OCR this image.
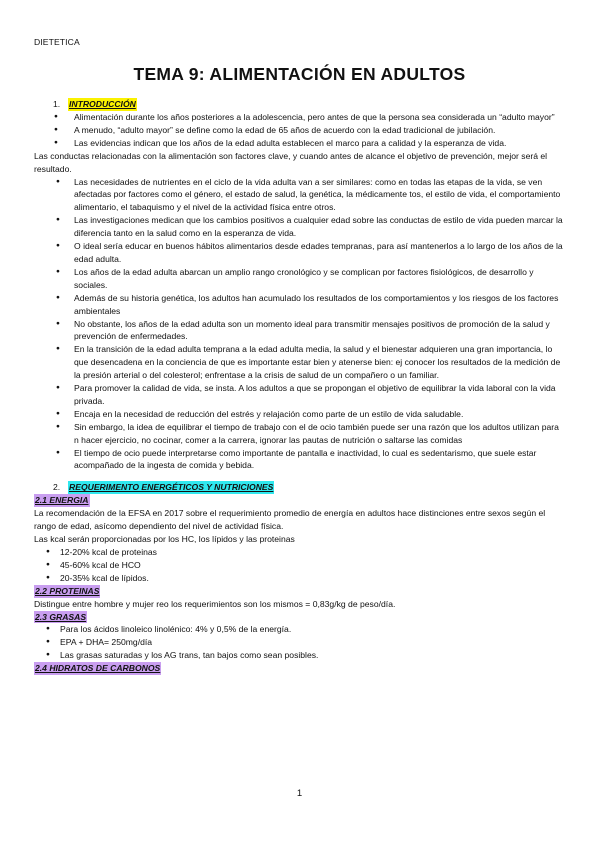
DIETETICA
TEMA 9: ALIMENTACIÓN EN ADULTOS
1. INTRODUCCIÓN
● Alimentación durante los años posteriores a la adolescencia, pero antes de que la persona sea considerada un “adulto mayor”
● A menudo, “adulto mayor” se define como la edad de 65 años de acuerdo con la edad tradicional de jubilación.
● Las evidencias indican que los años de la edad adulta establecen el marco para a calidad y la esperanza de vida.

Las conductas relacionadas con la alimentación son factores clave, y cuando antes de alcance el objetivo de prevención, mejor será el resultado.

● Las necesidades de nutrientes en el ciclo de la vida adulta van a ser similares: como en todas las etapas de la vida, se ven afectadas por factores como el género, el estado de salud, la genética, la médicamente tos, el estilo de vida, el comportamiento alimentario, el tabaquismo y el nivel de la actividad física entre otros.
● Las investigaciones medican que los cambios positivos a cualquier edad sobre las conductas de estilo de vida pueden marcar la diferencia tanto en la salud como en la esperanza de vida.
● O ideal sería educar en buenos hábitos alimentarios desde edades tempranas, para así mantenerlos a lo largo de los años de la edad adulta.
● Los años de la edad adulta abarcan un amplio rango cronológico y se complican por factores fisiológicos, de desarrollo y sociales.
● Además de su historia genética, los adultos han acumulado los resultados de los comportamientos y los riesgos de los factores ambientales
● No obstante, los años de la edad adulta son un momento ideal para transmitir mensajes positivos de promoción de la salud y prevención de enfermedades.
● En la transición de la edad adulta temprana a la edad adulta media, la salud y el bienestar adquieren una gran importancia, lo que desencadena en la conciencia de que es importante estar bien y atenerse bien: ej conocer los resultados de la medición de la presión arterial o del colesterol; enfrentase a la crisis de salud de un compañero o un familiar.
● Para promover la calidad de vida, se insta. A los adultos a que se propongan el objetivo de equilibrar la vida laboral con la vida privada.
● Encaja en la necesidad de reducción del estrés y relajación como parte de un estilo de vida saludable.
● Sin embargo, la idea de equilibrar el tiempo de trabajo con el de ocio también puede ser una razón que los adultos utilizan para n hacer ejercicio, no cocinar, comer a la carrera, ignorar las pautas de nutrición o saltarse las comidas
● El tiempo de ocio puede interpretarse como importante de pantalla e inactividad, lo cual es sedentarismo, que suele estar acompañado de la ingesta de comida y bebida.
2. REQUERIMENTO ENERGÉTICOS Y NUTRICIONES
2.1 ENERGIA

La recomendación de la EFSA en 2017 sobre el requerimiento promedio de energía en adultos hace distinciones entre sexos según el rango de edad, asícomo dependiento del nivel de actividad física.

Las kcal serán proporcionadas por los HC, los lípidos y las proteinas

● 12-20% kcal de proteinas
● 45-60% kcal de HCO
● 20-35% kcal de lípidos.
2.2 PROTEINAS

Distingue entre hombre y mujer reo los requerimientos son los mismos = 0,83g/kg de peso/día.

2.3 GRASAS
● Para los ácidos linoleico linolénico: 4% y 0,5% de la energía.
● EPA + DHA= 250mg/día
● Las grasas saturadas y los AG trans, tan bajos como sean posibles.
2.4 HIDRATOS DE CARBONOS
1
